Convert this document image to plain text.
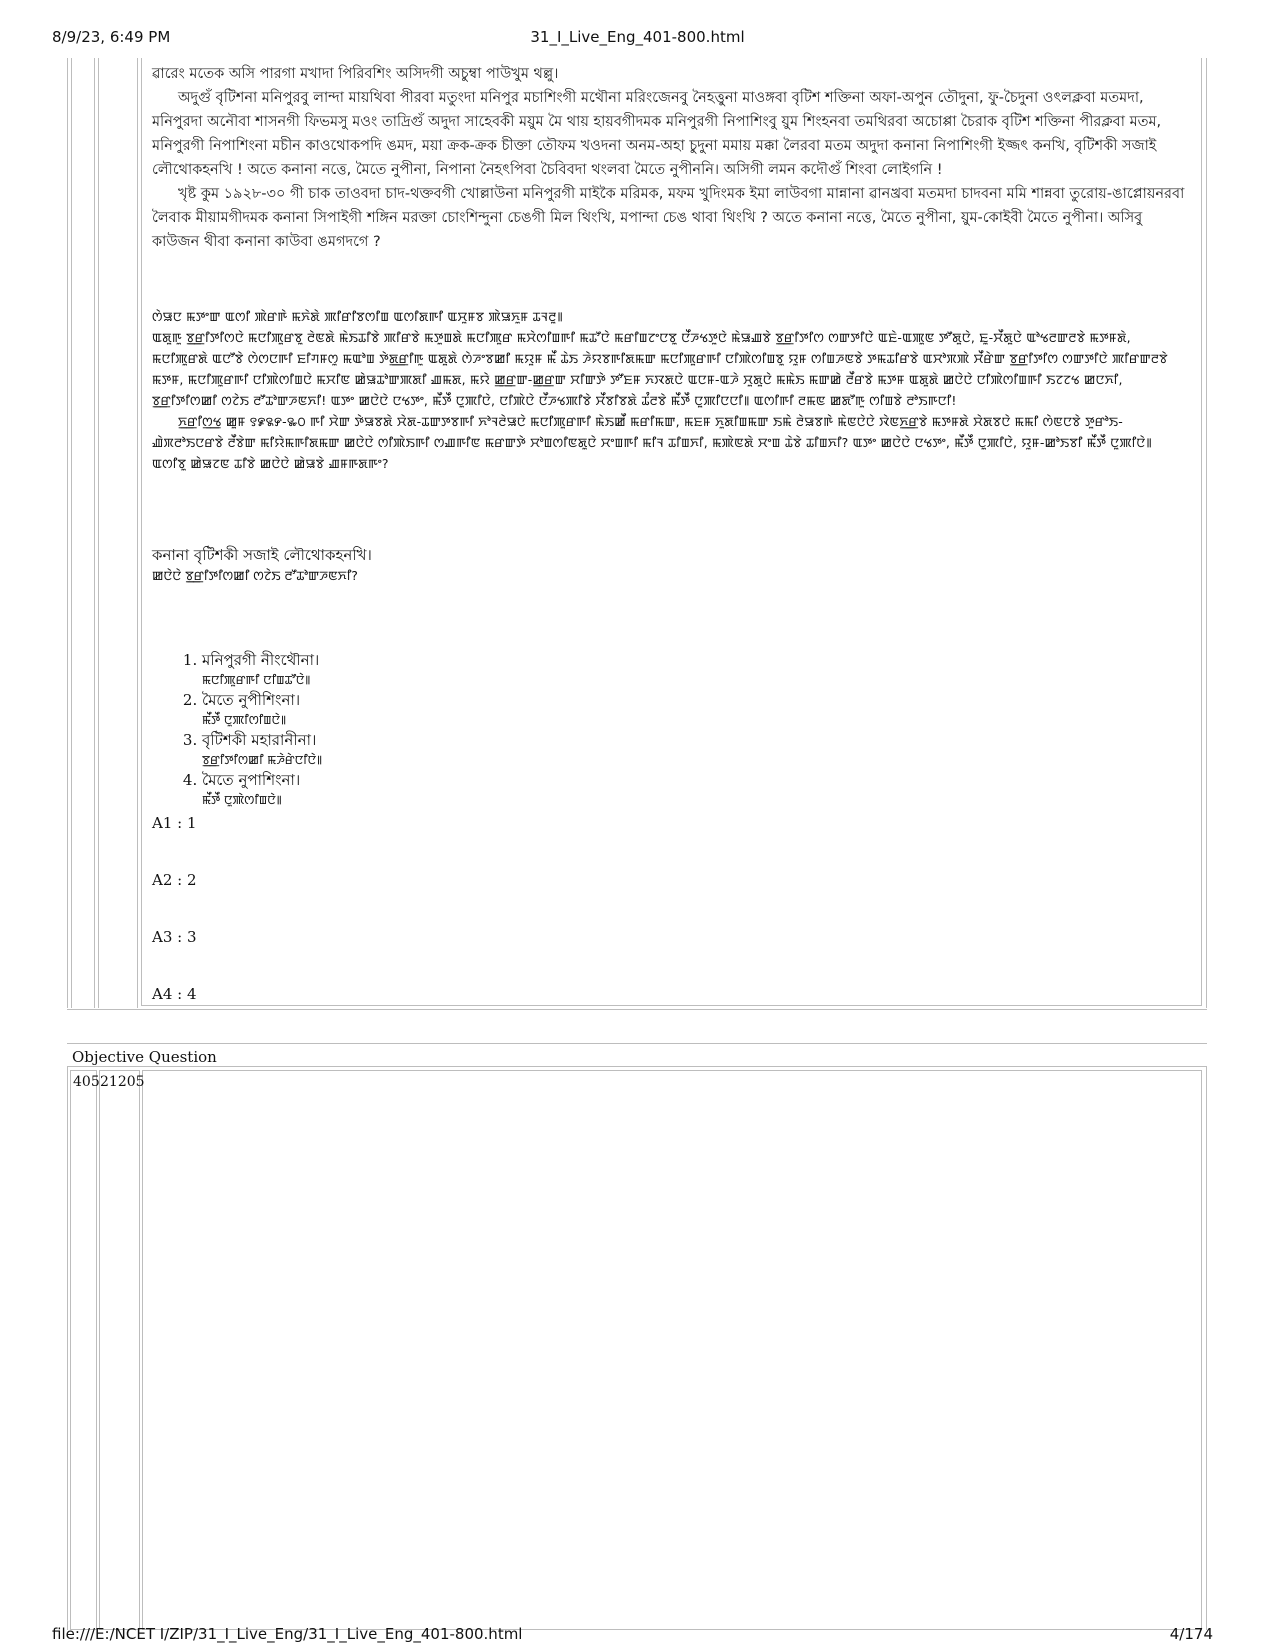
8/9/23, 6:49 PM	31_I_Live_Eng_401-800.html

ৱারেং মতেক অসি পারগা মখাদা পিরিবশিং অসিদগী অচুম্বা পাউখুম থল্লু।

অদুগুঁ বৃটিশনা মনিপুরবু লান্দা মায়থিবা পীরবা মতুংদা মনিপুর মচাশিংগী মথৌনা মরিংজেনবু নৈহত্তুনা মাওঙ্গবা বৃটিশ শক্তিনা অফা-অপুন তৌদুনা, ফু-চৈদুনা ওৎলক্লবা মতমদা, মনিপুরদা অনৌবা শাসনগী ফিভমসু মওং তাদ্রিগুঁ অদুদা সাহেবকী ময়ুম মৈ থায় হায়বগীদমক মনিপুরগী নিপাশিংবু য়ুম শিংহনবা তমথিরবা অচোপ্পা চৈরাক বৃটিশ শক্তিনা পীরক্লবা মতম, মনিপুরগী নিপাশিংনা মচীন কাওথোকপদি ঙমদ, ময়া ক্রক-ক্রক চীক্তা তৌফম খওদনা অনম-অহা চুদুনা মমায় মক্কা লৈরবা মতম অদুদা কনানা নিপাশিংগী ইজ্জৎ কনখি, বৃটিশকী সজাই লৌথোকহনখি ! অতে কনানা নত্তে, মৈতে নুপীনা, নিপানা নৈহৎপিবা চৈবিবদা থংলবা মৈতে নুপীননি। অসিগী লমন কদৌগুঁ শিংবা লোইগনি !

খৃষ্ট কুম ১৯২৮-৩০ গী চাক তাওবদা চাদ-থক্তবগী খোল্লাউনা মনিপুরগী মাইকৈ মরিমক, মফম খুদিংমক ইমা লাউবগা মান্নানা ৱানখ্রবা মতমদা চাদবনা মমি শান্নবা তুরোয়-ঙাপ্লোয়নরবা লৈবাক মীয়ামগীদমক কনানা সিপাইগী শঙ্গিন মরক্তা চোংশিন্দুনা চেঙগী মিল থিংখি, মপান্দা চেঙ থাবা থিংখি ? অতে কনানা নত্তে, মৈতে নুপীনা, য়ুম-কোইবী মৈতে নুপীনা। অসিবু কাউজন থীবা কনানা কাউবা ঙমগদগে ?

ꯁꯥꯎꯅ ꯃꯇꯦꯛ ꯑꯁꯤ ꯄꯥꯔꯒꯥ ꯃꯈꯥꯗꯥ ꯄꯤꯔꯤꯕꯁꯤꯡ ꯑꯁꯤꯗꯒꯤ ꯑꯆꯨꯝꯕ ꯄꯥꯎꯈꯨꯝ ꯊꯜꯂꯨ꯫

ꯑꯗꯨꯒꯨ ꯕ꯭ꯔꯤꯇꯤꯁꯅꯥ ꯃꯅꯤꯄꯨꯔꯕꯨ ꯂꯥꯟꯗꯥ ꯃꯥꯏꯊꯤꯕꯥ ꯄꯤꯔꯕꯥ ꯃꯇꯨꯡꯗꯥ ꯃꯅꯤꯄꯨꯔ ꯃꯆꯥꯁꯤꯡꯒꯤ ꯃꯊꯧꯅꯥ ꯃꯔꯤꯡꯖꯦꯅꯕꯨ ꯅꯩꯍꯠꯇꯨꯅꯥ ꯃꯥꯎꯉꯕꯥ ꯕ꯭ꯔꯤꯇꯤꯁ ꯁꯛꯇꯤꯅꯥ ꯑꯐꯥ-ꯑꯄꯨꯟ ꯇꯧꯗꯨꯅꯥ, ꯐꯨ-ꯆꯩꯗꯨꯅꯥ ꯑꯣꯠꯂꯛꯂꯕꯥ ꯃꯇꯝꯗꯥ, ꯃꯅꯤꯄꯨꯔꯗꯥ ꯑꯅꯧꯕꯥ ꯁꯥꯁꯅꯒꯤ ꯐꯤꯚꯝꯁꯨ ꯃꯑꯣꯡ ꯇꯥꯗ꯭ꯔꯤꯒꯨ ꯑꯗꯨꯗꯥ ꯁꯥꯍꯦꯕꯀꯤ ꯃꯌꯨꯝ ꯃꯩ ꯊꯥꯏ ꯍꯥꯌꯕꯒꯤꯗꯃꯛ ꯃꯅꯤꯄꯨꯔꯒꯤ ꯅꯤꯄꯥꯁꯤꯡꯕꯨ ꯌꯨꯝ ꯁꯤꯡꯍꯟꯕꯥ ꯇꯃꯊꯤꯔꯕꯥ ꯑꯆꯣꯞꯄꯥ ꯆꯩꯔꯥꯛ ꯕ꯭ꯔꯤꯇꯤꯁ ꯁꯛꯇꯤꯅꯥ ꯄꯤꯔꯛꯂꯕꯥ ꯃꯇꯝ, ꯃꯅꯤꯄꯨꯔꯒꯤ ꯅꯤꯄꯥꯁꯤꯡꯅꯥ ꯃꯆꯤꯟ ꯀꯥꯎꯊꯣꯛꯄꯗꯤ ꯉꯃꯗ, ꯃꯌꯥ ꯀ꯭ꯔꯛ-ꯀ꯭ꯔꯛ ꯆꯤꯛꯇꯥ ꯇꯧꯐꯝ ꯈꯋꯗꯅꯥ ꯑꯅꯝ-ꯑꯍꯥ ꯆꯨꯗꯨꯅꯥ ꯃꯃꯥꯏ ꯃꯛꯀꯥ ꯂꯩꯔꯕꯥ ꯃꯇꯝ ꯑꯗꯨꯗꯥ ꯀꯅꯥꯅꯥ ꯅꯤꯄꯥꯁꯤꯡꯒꯤ ꯏꯖꯖꯠ ꯀꯅꯈꯤ, ꯕ꯭ꯔꯤꯇꯤꯁꯀꯤ ꯁꯖꯥꯏ ꯂꯧꯊꯣꯛꯍꯟꯈꯤ! ꯑꯇꯦ ꯀꯅꯥꯅꯥ ꯅꯠꯇꯦ, ꯃꯩꯇꯩ ꯅꯨꯄꯤꯅꯥ, ꯅꯤꯄꯥꯅꯥ ꯅꯩꯍꯠꯄꯤꯕꯥ ꯆꯩꯕꯤꯕꯗꯥ ꯊꯪꯂꯕꯥ ꯃꯩꯇꯩ ꯅꯨꯄꯤꯅꯅꯤ꯫ ꯑꯁꯤꯒꯤ ꯂꯃꯟ ꯀꯗꯧꯒꯨ ꯁꯤꯡꯕꯥ ꯂꯣꯏꯒꯅꯤ!

ꯈ꯭ꯔꯤꯁ꯭ꯠ ꯀꯨꯝ ꯱꯹꯲꯸-꯳꯰ ꯒꯤ ꯆꯥꯛ ꯇꯥꯎꯕꯗꯥ ꯆꯥꯗ-ꯊꯛꯇꯕꯒꯤ ꯈꯣꯜꯂꯥꯎꯅꯥ ꯃꯅꯤꯄꯨꯔꯒꯤ ꯃꯥꯏꯀꯩ ꯃꯔꯤꯃꯛ, ꯃꯐꯝ ꯈꯨꯗꯤꯡꯃꯛ ꯏꯃꯥ ꯂꯥꯎꯕꯒꯥ ꯃꯥꯟꯅꯥꯅꯥ ꯋꯥꯟꯈ꯭ꯔꯕꯥ ꯃꯇꯝꯗꯥ ꯆꯥꯗꯕꯅꯥ ꯃꯃꯤ ꯁꯥꯟꯅꯕꯥ ꯇꯨꯔꯣꯏ-ꯉꯥꯞꯂꯣꯏꯅꯔꯕꯥ ꯂꯩꯕꯥꯛ ꯃꯤꯌꯥꯃꯒꯤꯗꯃꯛ ꯀꯅꯥꯅꯥ ꯁꯤꯄꯥꯏꯒꯤ ꯁꯉꯒꯤꯟ ꯃꯔꯛꯇꯥ ꯆꯣꯡꯁꯤꯟꯗꯨꯅꯥ ꯆꯦꯡꯒꯤ ꯃꯤꯜ ꯊꯤꯡꯈꯤ, ꯃꯄꯥꯟꯗꯥ ꯆꯦꯡ ꯊꯥꯕꯥ ꯊꯤꯡꯈꯤ? ꯑꯇꯦ ꯀꯅꯥꯅꯥ ꯅꯠꯇꯦ, ꯃꯩꯇꯩ ꯅꯨꯄꯤꯅꯥ, ꯌꯨꯝ-ꯀꯣꯏꯕꯤ ꯃꯩꯇꯩ ꯅꯨꯄꯤꯅꯥ꯫ ꯑꯁꯤꯕꯨ ꯀꯥꯎꯖꯟ ꯊꯤꯕꯥ ꯀꯅꯥꯅꯥ ꯀꯥꯎꯕꯥ ꯉꯝꯒꯗꯒꯦ?

কনানা বৃটিশকী সজাই লৌথোকহনখি।

ꯀꯅꯥꯅꯥ ꯕ꯭ꯔꯤꯇꯤꯁꯀꯤ ꯁꯖꯥꯏ ꯂꯧꯊꯣꯛꯍꯟꯈꯤ?

1. মনিপুরগী নীংথৌনা।
ꯃꯅꯤꯄꯨꯔꯒꯤ ꯅꯤꯡꯊꯧꯅꯥ꯫
2. মৈতে নুপীশিংনা।
ꯃꯩꯇꯩ ꯅꯨꯄꯤꯁꯤꯡꯅꯥ꯫
3. বৃটিশকী মহারানীনা।
ꯕ꯭ꯔꯤꯇꯤꯁꯀꯤ ꯃꯍꯥꯔꯥꯅꯤꯅꯥ꯫
4. মৈতে নুপাশিংনা।
ꯃꯩꯇꯩ ꯅꯨꯄꯥꯁꯤꯡꯅꯥ꯫
A1 : 1
A2 : 2
A3 : 3
A4 : 4
Objective Question
405 21205
file:///E:/NCET I/ZIP/31_I_Live_Eng/31_I_Live_Eng_401-800.html	4/174
